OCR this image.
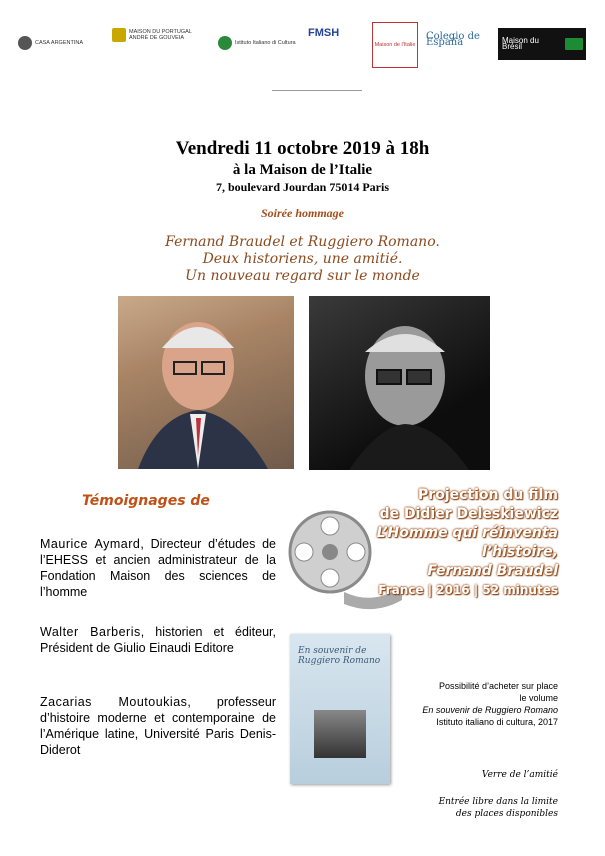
CASA ARGENTINA
MAISON DU PORTUGAL ANDRÉ DE GOUVEIA
Istituto Italiano di Cultura
FMSH
Maison de l'Italie
Colegio de España	Maison du Brésil
Vendredi 11 octobre 2019 à 18h
à la Maison de l’Italie
7, boulevard Jourdan 75014 Paris
Soirée hommage
Fernand Braudel et Ruggiero Romano.
Deux historiens, une amitié.
Un nouveau regard sur le monde
Témoignages de
Maurice Aymard, Directeur d’études de l’EHESS et ancien administrateur de la Fondation Maison des sciences de l’homme
Walter Barberis, historien et éditeur, Président de Giulio Einaudi Editore
Zacarias Moutoukias, professeur d’histoire moderne et contemporaine de l’Amérique latine, Université Paris Denis-Diderot
Projection du film
de Didier Deleskiewicz
L’Homme qui réinventa
l’histoire,
Fernand Braudel
France | 2016 | 52 minutes
En souvenir de Ruggiero Romano
Possibilité d’acheter sur place
le volume
En souvenir de Ruggiero Romano
Istituto italiano di cultura, 2017
Verre de l’amitié
Entrée libre dans la limite
des places disponibles
